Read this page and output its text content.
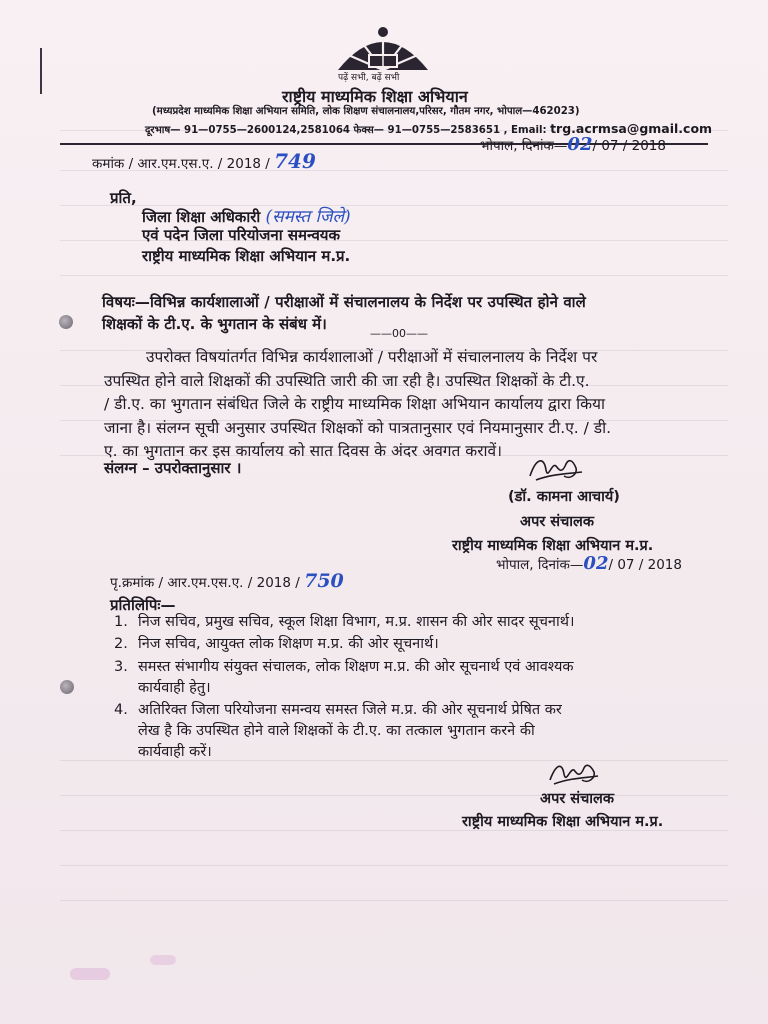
पढ़ें सभी, बढ़ें सभी
राष्ट्रीय माध्यमिक शिक्षा अभियान
(मध्यप्रदेश माध्यमिक शिक्षा अभियान समिति, लोक शिक्षण संचालनालय,परिसर, गौतम नगर, भोपाल—462023)
दूरभाष— 91—0755—2600124,2581064 फेक्स— 91—0755—2583651 , Email: trg.acrmsa@gmail.com
कमांक / आर.एम.एस.ए. / 2018 / 749
भोपाल, दिनांक—02/ 07 / 2018
प्रति,
जिला शिक्षा अधिकारी (समस्त जिले)
एवं पदेन जिला परियोजना समन्वयक
राष्ट्रीय माध्यमिक शिक्षा अभियान म.प्र.
विषयः—विभिन्न कार्यशालाओं / परीक्षाओं में संचालनालय के निर्देश पर उपस्थित होने वाले
शिक्षकों के टी.ए. के भुगतान के संबंध में।
——00——
उपरोक्त विषयांतर्गत विभिन्न कार्यशालाओं / परीक्षाओं में संचालनालय के निर्देश पर
उपस्थित होने वाले शिक्षकों की उपस्थिति जारी की जा रही है। उपस्थित शिक्षकों के टी.ए.
/ डी.ए. का भुगतान संबंधित जिले के राष्ट्रीय माध्यमिक शिक्षा अभियान कार्यालय द्वारा किया
जाना है। संलग्न सूची अनुसार उपस्थित शिक्षकों को पात्रतानुसार एवं नियमानुसार टी.ए. / डी.
ए. का भुगतान कर इस कार्यालय को सात दिवस के अंदर अवगत करावें।
संलग्न – उपरोक्तानुसार ।
(डॉ. कामना आचार्य)
अपर संचालक
राष्ट्रीय माध्यमिक शिक्षा अभियान म.प्र.
भोपाल, दिनांक—02/ 07 / 2018
पृ.क्रमांक / आर.एम.एस.ए. / 2018 / 750
प्रतिलिपिः—
1. निज सचिव, प्रमुख सचिव, स्कूल शिक्षा विभाग, म.प्र. शासन की ओर सादर सूचनार्थ।
2. निज सचिव, आयुक्त लोक शिक्षण म.प्र. की ओर सूचनार्थ।
3. समस्त संभागीय संयुक्त संचालक, लोक शिक्षण म.प्र. की ओर सूचनार्थ एवं आवश्यक
कार्यवाही हेतु।
4. अतिरिक्त जिला परियोजना समन्वय समस्त जिले म.प्र. की ओर सूचनार्थ प्रेषित कर
लेख है कि उपस्थित होने वाले शिक्षकों के टी.ए. का तत्काल भुगतान करने की
कार्यवाही करें।
अपर संचालक
राष्ट्रीय माध्यमिक शिक्षा अभियान म.प्र.
